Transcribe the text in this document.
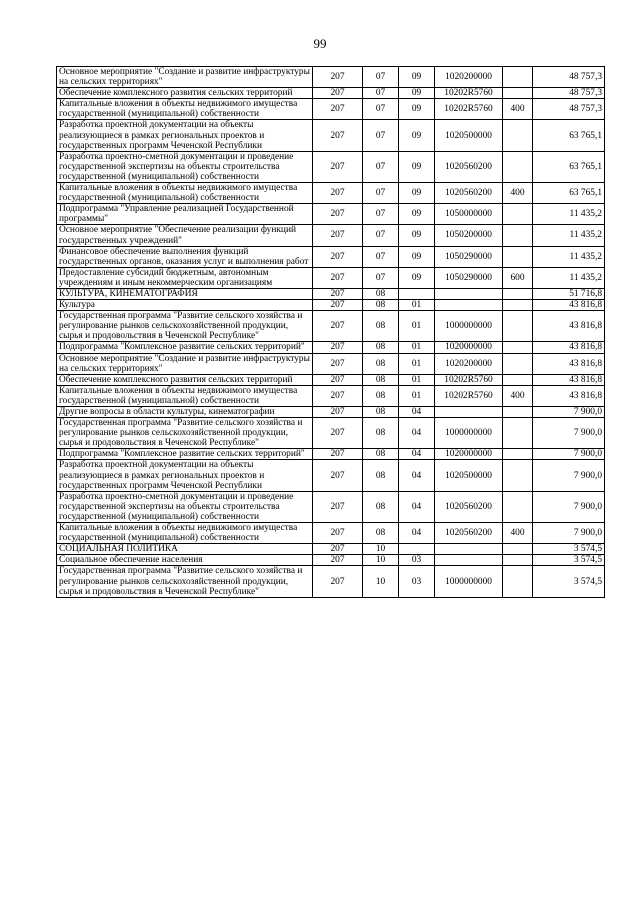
99
Основное мероприятие "Создание и развитие инфраструктуры на сельских территориях"	207	07	09	1020200000		48 757,3
Обеспечение комплексного развития сельских территорий	207	07	09	10202R5760		48 757,3
Капитальные вложения в объекты недвижимого имущества государственной (муниципальной) собственности	207	07	09	10202R5760	400	48 757,3
Разработка проектной документации на объекты реализующиеся в рамках региональных проектов и государственных программ Чеченской Республики	207	07	09	1020500000		63 765,1
Разработка проектно-сметной документации и проведение государственной экспертизы на объекты строительства государственной (муниципальной) собственности	207	07	09	1020560200		63 765,1
Капитальные вложения в объекты недвижимого имущества государственной (муниципальной) собственности	207	07	09	1020560200	400	63 765,1
Подпрограмма "Управление реализацией Государственной программы"	207	07	09	1050000000		11 435,2
Основное мероприятие "Обеспечение реализации функций государственных учреждений"	207	07	09	1050200000		11 435,2
Финансовое обеспечение выполнения функций государственных органов, оказания услуг и выполнения работ	207	07	09	1050290000		11 435,2
Предоставление субсидий бюджетным, автономным учреждениям и иным некоммерческим организациям	207	07	09	1050290000	600	11 435,2
КУЛЬТУРА, КИНЕМАТОГРАФИЯ	207	08				51 716,8
Культура	207	08	01			43 816,8
Государственная программа "Развитие сельского хозяйства и регулирование рынков сельскохозяйственной продукции, сырья и продовольствия в Чеченской Республике"	207	08	01	1000000000		43 816,8
Подпрограмма "Комплексное развитие сельских территорий"	207	08	01	1020000000		43 816,8
Основное мероприятие "Создание и развитие инфраструктуры на сельских территориях"	207	08	01	1020200000		43 816,8
Обеспечение комплексного развития сельских территорий	207	08	01	10202R5760		43 816,8
Капитальные вложения в объекты недвижимого имущества государственной (муниципальной) собственности	207	08	01	10202R5760	400	43 816,8
Другие вопросы в области культуры, кинематографии	207	08	04			7 900,0
Государственная программа "Развитие сельского хозяйства и регулирование рынков сельскохозяйственной продукции, сырья и продовольствия в Чеченской Республике"	207	08	04	1000000000		7 900,0
Подпрограмма "Комплексное развитие сельских территорий"	207	08	04	1020000000		7 900,0
Разработка проектной документации на объекты реализующиеся в рамках региональных проектов и государственных программ Чеченской Республики	207	08	04	1020500000		7 900,0
Разработка проектно-сметной документации и проведение государственной экспертизы на объекты строительства государственной (муниципальной) собственности	207	08	04	1020560200		7 900,0
Капитальные вложения в объекты недвижимого имущества государственной (муниципальной) собственности	207	08	04	1020560200	400	7 900,0
СОЦИАЛЬНАЯ ПОЛИТИКА	207	10				3 574,5
Социальное обеспечение населения	207	10	03			3 574,5
Государственная программа "Развитие сельского хозяйства и регулирование рынков сельскохозяйственной продукции, сырья и продовольствия в Чеченской Республике"	207	10	03	1000000000		3 574,5
